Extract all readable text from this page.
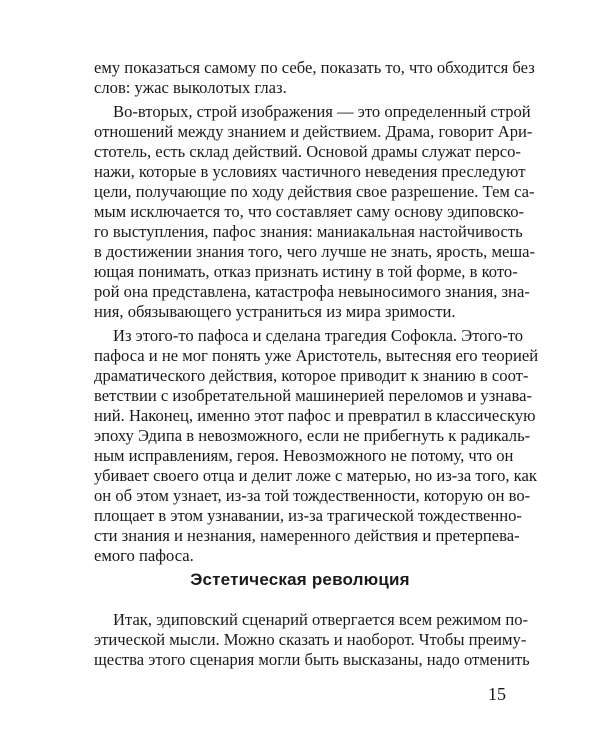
ему показаться самому по себе, показать то, что обходится без
слов: ужас выколотых глаз.
Во-вторых, строй изображения — это определенный строй
отношений между знанием и действием. Драма, говорит Ари-
стотель, есть склад действий. Основой драмы служат персо-
нажи, которые в условиях частичного неведения преследуют
цели, получающие по ходу действия свое разрешение. Тем са-
мым исключается то, что составляет саму основу эдиповско-
го выступления, пафос знания: маниакальная настойчивость
в достижении знания того, чего лучше не знать, ярость, меша-
ющая понимать, отказ признать истину в той форме, в кото-
рой она представлена, катастрофа невыносимого знания, зна-
ния, обязывающего устраниться из мира зримости.
Из этого-то пафоса и сделана трагедия Софокла. Этого-то
пафоса и не мог понять уже Аристотель, вытесняя его теорией
драматического действия, которое приводит к знанию в соот-
ветствии с изобретательной машинерией переломов и узнава-
ний. Наконец, именно этот пафос и превратил в классическую
эпоху Эдипа в невозможного, если не прибегнуть к радикаль-
ным исправлениям, героя. Невозможного не потому, что он
убивает своего отца и делит ложе с матерью, но из-за того, как
он об этом узнает, из-за той тождественности, которую он во-
площает в этом узнавании, из-за трагической тождественно-
сти знания и незнания, намеренного действия и претерпева-
емого пафоса.
Эстетическая революция
Итак, эдиповский сценарий отвергается всем режимом по-
этической мысли. Можно сказать и наоборот. Чтобы преиму-
щества этого сценария могли быть высказаны, надо отменить
15
